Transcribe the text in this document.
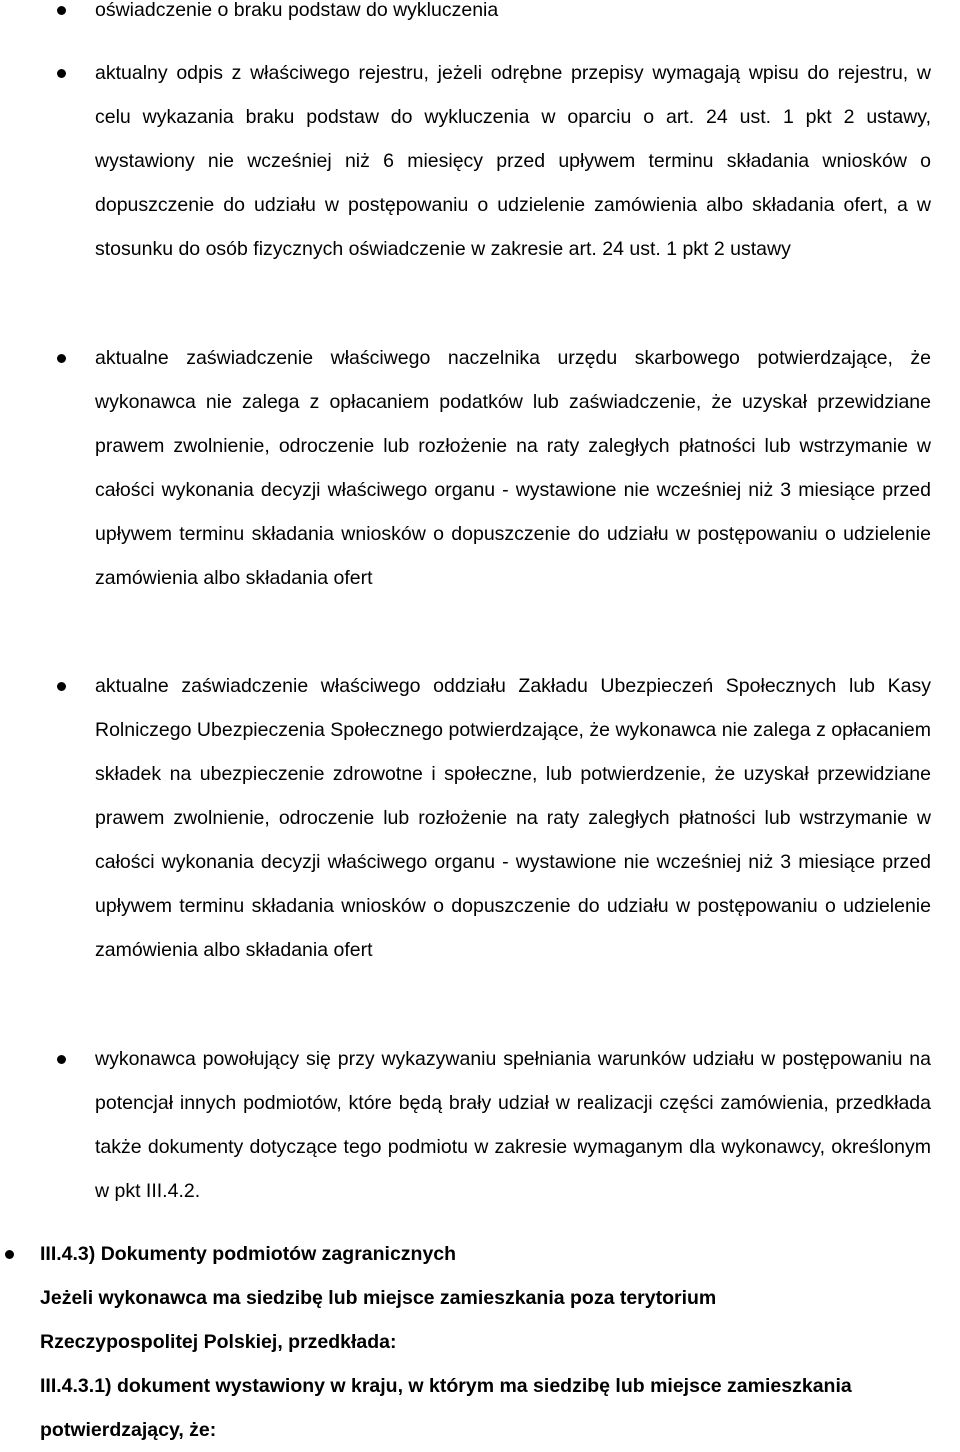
oświadczenie o braku podstaw do wykluczenia
aktualny odpis z właściwego rejestru, jeżeli odrębne przepisy wymagają wpisu do rejestru, w celu wykazania braku podstaw do wykluczenia w oparciu o art. 24 ust. 1 pkt 2 ustawy, wystawiony nie wcześniej niż 6 miesięcy przed upływem terminu składania wniosków o dopuszczenie do udziału w postępowaniu o udzielenie zamówienia albo składania ofert, a w stosunku do osób fizycznych oświadczenie w zakresie art. 24 ust. 1 pkt 2 ustawy
aktualne zaświadczenie właściwego naczelnika urzędu skarbowego potwierdzające, że wykonawca nie zalega z opłacaniem podatków lub zaświadczenie, że uzyskał przewidziane prawem zwolnienie, odroczenie lub rozłożenie na raty zaległych płatności lub wstrzymanie w całości wykonania decyzji właściwego organu - wystawione nie wcześniej niż 3 miesiące przed upływem terminu składania wniosków o dopuszczenie do udziału w postępowaniu o udzielenie zamówienia albo składania ofert
aktualne zaświadczenie właściwego oddziału Zakładu Ubezpieczeń Społecznych lub Kasy Rolniczego Ubezpieczenia Społecznego potwierdzające, że wykonawca nie zalega z opłacaniem składek na ubezpieczenie zdrowotne i społeczne, lub potwierdzenie, że uzyskał przewidziane prawem zwolnienie, odroczenie lub rozłożenie na raty zaległych płatności lub wstrzymanie w całości wykonania decyzji właściwego organu - wystawione nie wcześniej niż 3 miesiące przed upływem terminu składania wniosków o dopuszczenie do udziału w postępowaniu o udzielenie zamówienia albo składania ofert
wykonawca powołujący się przy wykazywaniu spełniania warunków udziału w postępowaniu na potencjał innych podmiotów, które będą brały udział w realizacji części zamówienia, przedkłada także dokumenty dotyczące tego podmiotu w zakresie wymaganym dla wykonawcy, określonym w pkt III.4.2.
III.4.3) Dokumenty podmiotów zagranicznych
Jeżeli wykonawca ma siedzibę lub miejsce zamieszkania poza terytorium Rzeczypospolitej Polskiej, przedkłada:
III.4.3.1) dokument wystawiony w kraju, w którym ma siedzibę lub miejsce zamieszkania potwierdzający, że:
